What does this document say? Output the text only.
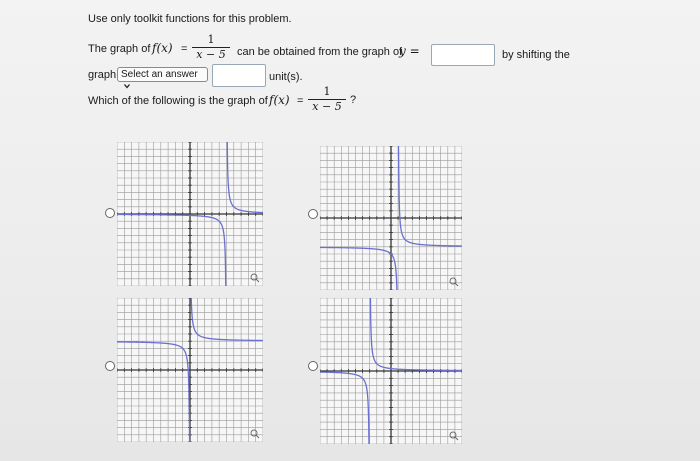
Use only toolkit functions for this problem.
The graph of f(x) =
1
x − 5	can be obtained from the graph of
y =	by shifting the
graph Select an answer	unit(s).
Which of the following is the graph of f(x) =
1
x − 5 ?
